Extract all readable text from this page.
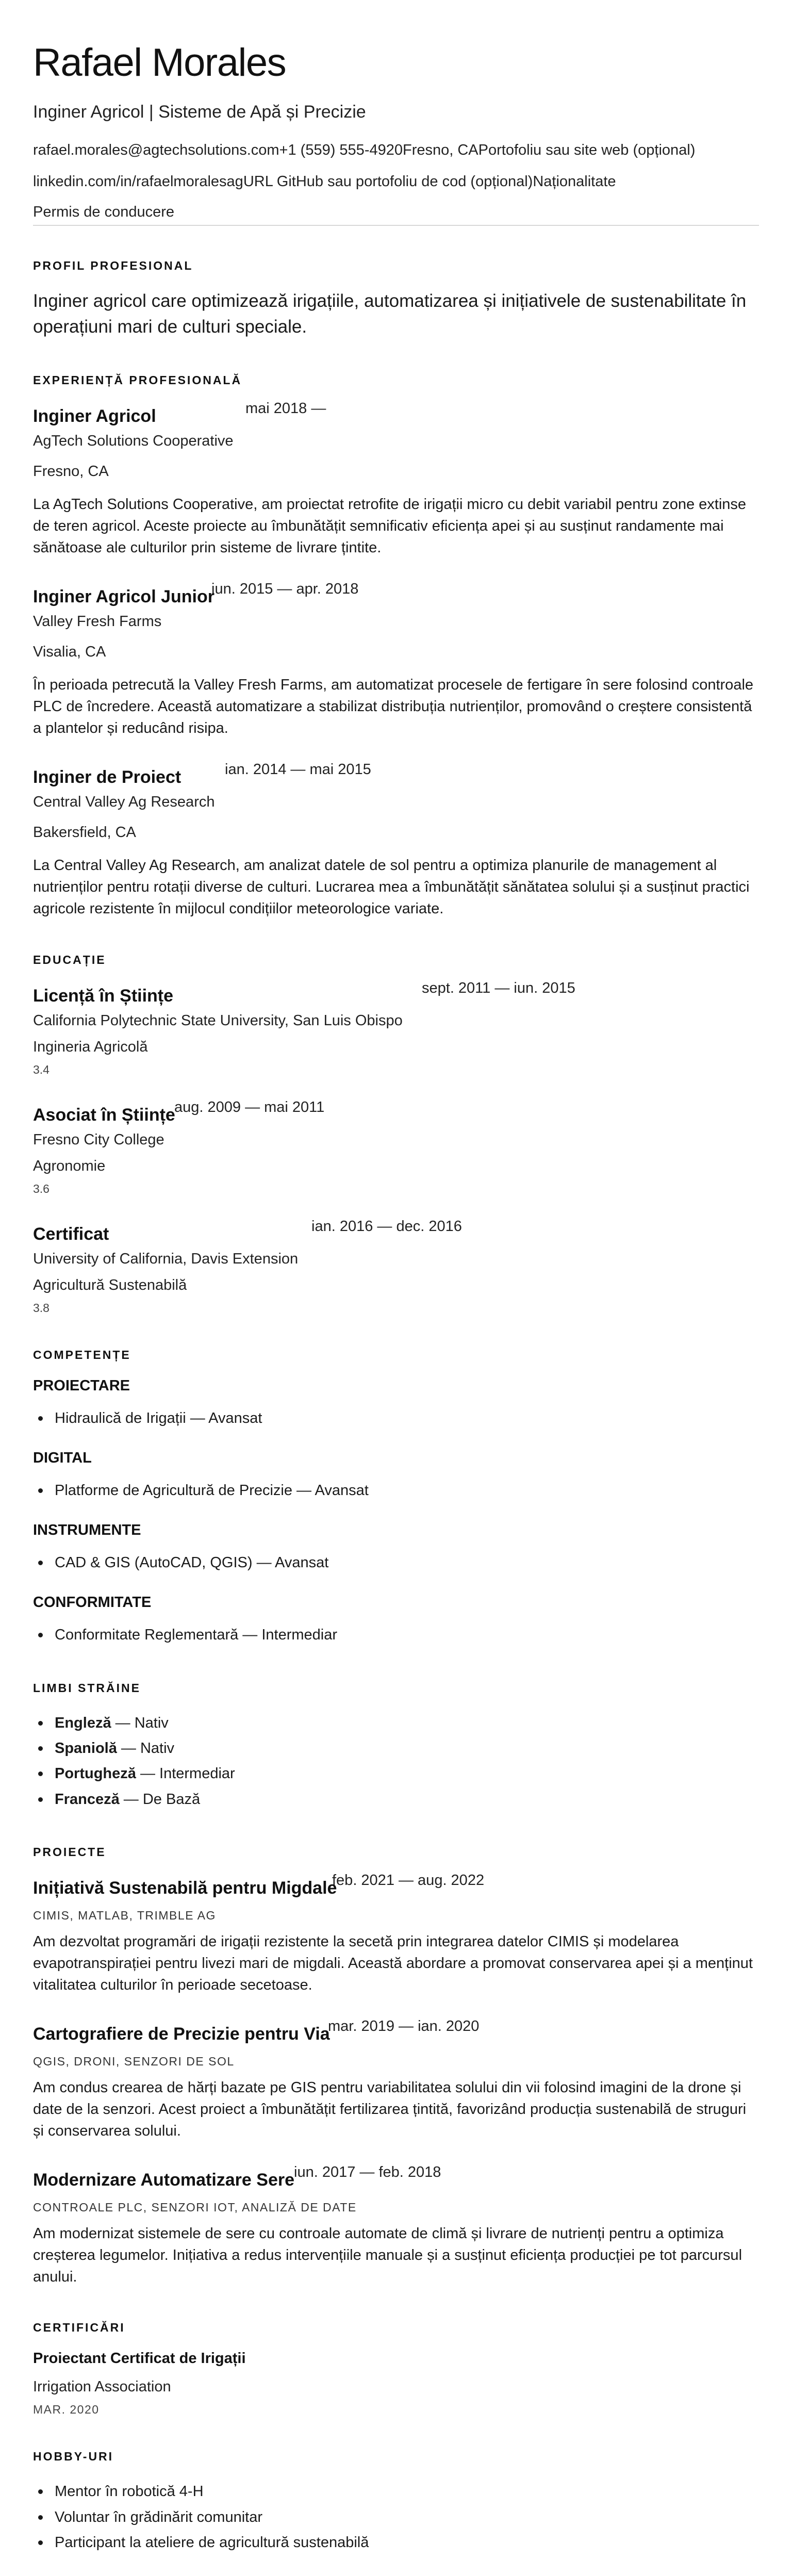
Rafael Morales
Inginer Agricol | Sisteme de Apă și Precizie
rafael.morales@agtechsolutions.com+1 (559) 555-4920Fresno, CAPortofoliu sau site web (opțional)
linkedin.com/in/rafaelmoralesagURL GitHub sau portofoliu de cod (opțional)Naționalitate
Permis de conducere
PROFIL PROFESIONAL

Inginer agricol care optimizează irigațiile, automatizarea și inițiativele de sustenabilitate în operațiuni mari de culturi speciale.

EXPERIENȚĂ PROFESIONALĂ
Inginer Agricol	mai 2018 —
AgTech Solutions Cooperative
Fresno, CA

La AgTech Solutions Cooperative, am proiectat retrofite de irigații micro cu debit variabil pentru zone extinse de teren agricol. Aceste proiecte au îmbunătățit semnificativ eficiența apei și au susținut randamente mai sănătoase ale culturilor prin sisteme de livrare țintite.

Inginer Agricol Junior
iun. 2015 — apr. 2018
Valley Fresh Farms
Visalia, CA

În perioada petrecută la Valley Fresh Farms, am automatizat procesele de fertigare în sere folosind controale PLC de încredere. Această automatizare a stabilizat distribuția nutrienților, promovând o creștere consistentă a plantelor și reducând risipa.

Inginer de Proiect	ian. 2014 — mai 2015
Central Valley Ag Research
Bakersfield, CA

La Central Valley Ag Research, am analizat datele de sol pentru a optimiza planurile de management al nutrienților pentru rotații diverse de culturi. Lucrarea mea a îmbunătățit sănătatea solului și a susținut practici agricole rezistente în mijlocul condițiilor meteorologice variate.

EDUCAȚIE
Licență în Științe	sept. 2011 — iun. 2015
California Polytechnic State University, San Luis Obispo
Ingineria Agricolă
3.4
Asociat în Științe
aug. 2009 — mai 2011
Fresno City College
Agronomie
3.6
Certificat	ian. 2016 — dec. 2016
University of California, Davis Extension
Agricultură Sustenabilă
3.8
COMPETENȚE
PROIECTARE
Hidraulică de Irigații — Avansat
DIGITAL
Platforme de Agricultură de Precizie — Avansat
INSTRUMENTE
CAD & GIS (AutoCAD, QGIS) — Avansat
CONFORMITATE
Conformitate Reglementară — Intermediar
LIMBI STRĂINE
Engleză — Nativ
Spaniolă — Nativ
Portugheză — Intermediar
Franceză — De Bază
PROIECTE
Inițiativă Sustenabilă pentru Migdale
feb. 2021 — aug. 2022
CIMIS, MATLAB, TRIMBLE AG

Am dezvoltat programări de irigații rezistente la secetă prin integrarea datelor CIMIS și modelarea evapotranspirației pentru livezi mari de migdali. Această abordare a promovat conservarea apei și a menținut vitalitatea culturilor în perioade secetoase.

Cartografiere de Precizie pentru Via
mar. 2019 — ian. 2020
QGIS, DRONI, SENZORI DE SOL

Am condus crearea de hărți bazate pe GIS pentru variabilitatea solului din vii folosind imagini de la drone și date de la senzori. Acest proiect a îmbunătățit fertilizarea țintită, favorizând producția sustenabilă de struguri și conservarea solului.

Modernizare Automatizare Sere iun. 2017 — feb. 2018
CONTROALE PLC, SENZORI IOT, ANALIZĂ DE DATE

Am modernizat sistemele de sere cu controale automate de climă și livrare de nutrienți pentru a optimiza creșterea legumelor. Inițiativa a redus intervențiile manuale și a susținut eficiența producției pe tot parcursul anului.

CERTIFICĂRI
Proiectant Certificat de Irigații
Irrigation Association
MAR. 2020
HOBBY-URI
Mentor în robotică 4-H
Voluntar în grădinărit comunitar
Participant la ateliere de agricultură sustenabilă
